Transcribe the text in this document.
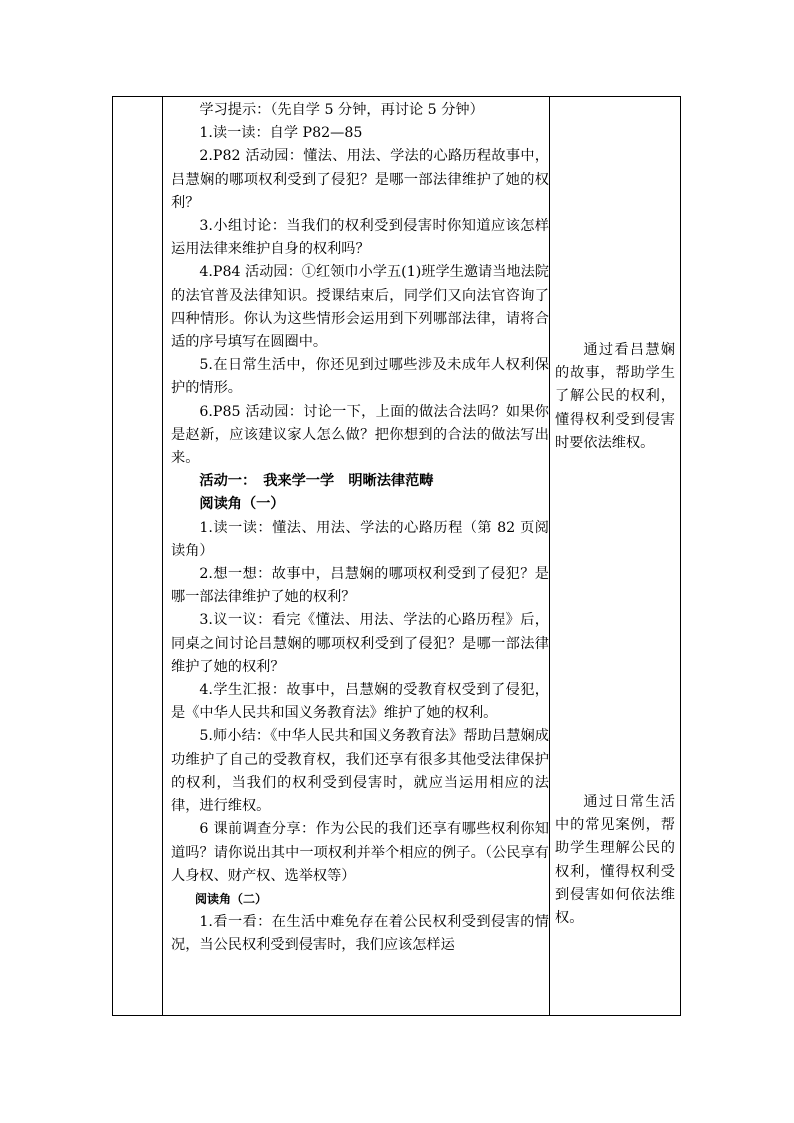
学习提示：（先自学 5 分钟，再讨论 5 分钟）

1.读一读：自学 P82—85

2.P82 活动园：懂法、用法、学法的心路历程故事中，吕慧娴的哪项权利受到了侵犯？是哪一部法律维护了她的权利？

3.小组讨论：当我们的权利受到侵害时你知道应该怎样运用法律来维护自身的权利吗？

4.P84 活动园：①红领巾小学五(1)班学生邀请当地法院的法官普及法律知识。授课结束后，同学们又向法官咨询了四种情形。你认为这些情形会运用到下列哪部法律，请将合适的序号填写在圆圈中。

5.在日常生活中，你还见到过哪些涉及未成年人权利保护的情形。

6.P85 活动园：讨论一下，上面的做法合法吗？如果你是赵新，应该建议家人怎么做？把你想到的合法的做法写出来。

活动一：　我来学一学　明晰法律范畴

阅读角（一）

1.读一读：懂法、用法、学法的心路历程（第 82 页阅读角）

2.想一想：故事中，吕慧娴的哪项权利受到了侵犯？是哪一部法律维护了她的权利？

3.议一议：看完《懂法、用法、学法的心路历程》后，同桌之间讨论吕慧娴的哪项权利受到了侵犯？是哪一部法律维护了她的权利？

4.学生汇报：故事中，吕慧娴的受教育权受到了侵犯，是《中华人民共和国义务教育法》维护了她的权利。

5.师小结：《中华人民共和国义务教育法》帮助吕慧娴成功维护了自己的受教育权，我们还享有很多其他受法律保护的权利，当我们的权利受到侵害时，就应当运用相应的法律，进行维权。

6 课前调查分享：作为公民的我们还享有哪些权利你知道吗？请你说出其中一项权利并举个相应的例子。（公民享有人身权、财产权、选举权等）

阅读角（二）

1.看一看：在生活中难免存在着公民权利受到侵害的情况，当公民权利受到侵害时，我们应该怎样运

通过看吕慧娴的故事，帮助学生了解公民的权利，懂得权利受到侵害时要依法维权。

通过日常生活中的常见案例，帮助学生理解公民的权利，懂得权利受到侵害如何依法维权。
